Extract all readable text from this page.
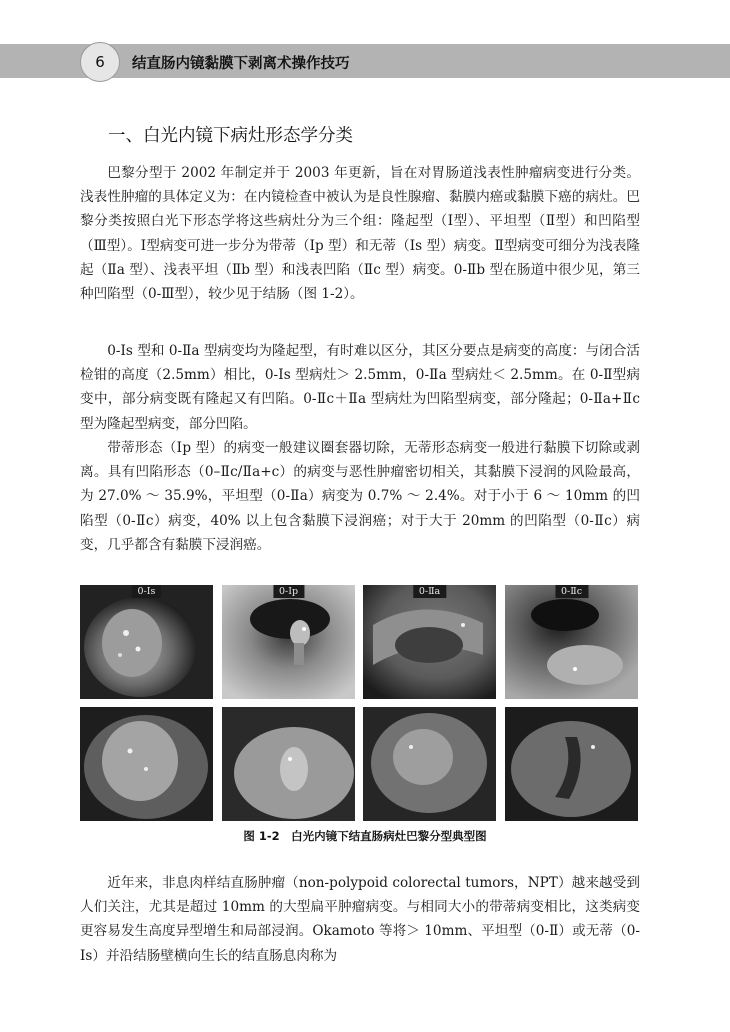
6	结直肠内镜黏膜下剥离术操作技巧
一、白光内镜下病灶形态学分类

巴黎分型于 2002 年制定并于 2003 年更新，旨在对胃肠道浅表性肿瘤病变进行分类。浅表性肿瘤的具体定义为：在内镜检查中被认为是良性腺瘤、黏膜内癌或黏膜下癌的病灶。巴黎分类按照白光下形态学将这些病灶分为三个组：隆起型（Ⅰ型）、平坦型（Ⅱ型）和凹陷型（Ⅲ型）。Ⅰ型病变可进一步分为带蒂（Ⅰp 型）和无蒂（Ⅰs 型）病变。Ⅱ型病变可细分为浅表隆起（Ⅱa 型）、浅表平坦（Ⅱb 型）和浅表凹陷（Ⅱc 型）病变。0-Ⅱb 型在肠道中很少见，第三种凹陷型（0-Ⅲ型），较少见于结肠（图 1-2）。

0-Ⅰs 型和 0-Ⅱa 型病变均为隆起型，有时难以区分，其区分要点是病变的高度：与闭合活检钳的高度（2.5mm）相比，0-Ⅰs 型病灶＞ 2.5mm，0-Ⅱa 型病灶＜ 2.5mm。在 0-Ⅱ型病变中，部分病变既有隆起又有凹陷。0-Ⅱc＋Ⅱa 型病灶为凹陷型病变，部分隆起；0-Ⅱa+Ⅱc 型为隆起型病变，部分凹陷。

带蒂形态（Ⅰp 型）的病变一般建议圈套器切除，无蒂形态病变一般进行黏膜下切除或剥离。具有凹陷形态（0–Ⅱc/Ⅱa+c）的病变与恶性肿瘤密切相关，其黏膜下浸润的风险最高，为 27.0% ～ 35.9%，平坦型（0-Ⅱa）病变为 0.7% ～ 2.4%。对于小于 6 ～ 10mm 的凹陷型（0-Ⅱc）病变，40% 以上包含黏膜下浸润癌；对于大于 20mm 的凹陷型（0-Ⅱc）病变，几乎都含有黏膜下浸润癌。

0-Ⅰs	0-Ⅰp	0-Ⅱa	0-Ⅱc
图 1-2　白光内镜下结直肠病灶巴黎分型典型图

近年来，非息肉样结直肠肿瘤（non-polypoid colorectal tumors，NPT）越来越受到人们关注，尤其是超过 10mm 的大型扁平肿瘤病变。与相同大小的带蒂病变相比，这类病变更容易发生高度异型增生和局部浸润。Okamoto 等将＞ 10mm、平坦型（0-Ⅱ）或无蒂（0-Ⅰs）并沿结肠壁横向生长的结直肠息肉称为
